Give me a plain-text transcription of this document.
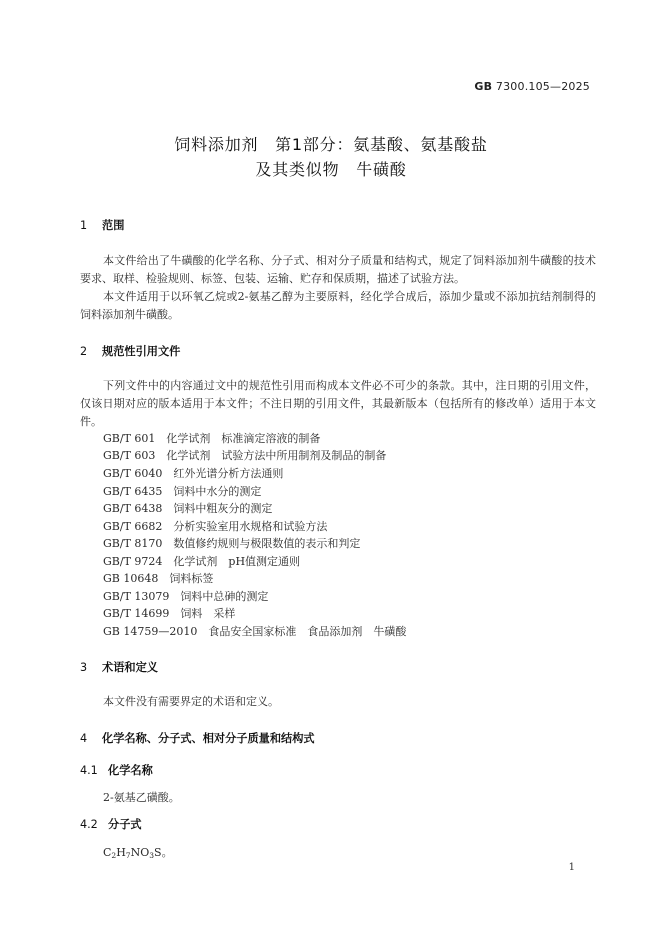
GB 7300.105—2025
饲料添加剂　第1部分：氨基酸、氨基酸盐
及其类似物　牛磺酸
1 范围
本文件给出了牛磺酸的化学名称、分子式、相对分子质量和结构式，规定了饲料添加剂牛磺酸的技术要求、取样、检验规则、标签、包装、运输、贮存和保质期，描述了试验方法。
本文件适用于以环氧乙烷或2-氨基乙醇为主要原料，经化学合成后，添加少量或不添加抗结剂制得的饲料添加剂牛磺酸。
2 规范性引用文件
下列文件中的内容通过文中的规范性引用而构成本文件必不可少的条款。其中，注日期的引用文件，仅该日期对应的版本适用于本文件；不注日期的引用文件，其最新版本（包括所有的修改单）适用于本文件。
GB/T 601　化学试剂　标准滴定溶液的制备
GB/T 603　化学试剂　试验方法中所用制剂及制品的制备
GB/T 6040　红外光谱分析方法通则
GB/T 6435　饲料中水分的测定
GB/T 6438　饲料中粗灰分的测定
GB/T 6682　分析实验室用水规格和试验方法
GB/T 8170　数值修约规则与极限数值的表示和判定
GB/T 9724　化学试剂　pH值测定通则
GB 10648　饲料标签
GB/T 13079　饲料中总砷的测定
GB/T 14699　饲料　采样
GB 14759—2010　食品安全国家标准　食品添加剂　牛磺酸
3 术语和定义
本文件没有需要界定的术语和定义。
4 化学名称、分子式、相对分子质量和结构式
4.1 化学名称
2-氨基乙磺酸。
4.2 分子式
$C_2H_7NO_3S$。
1
